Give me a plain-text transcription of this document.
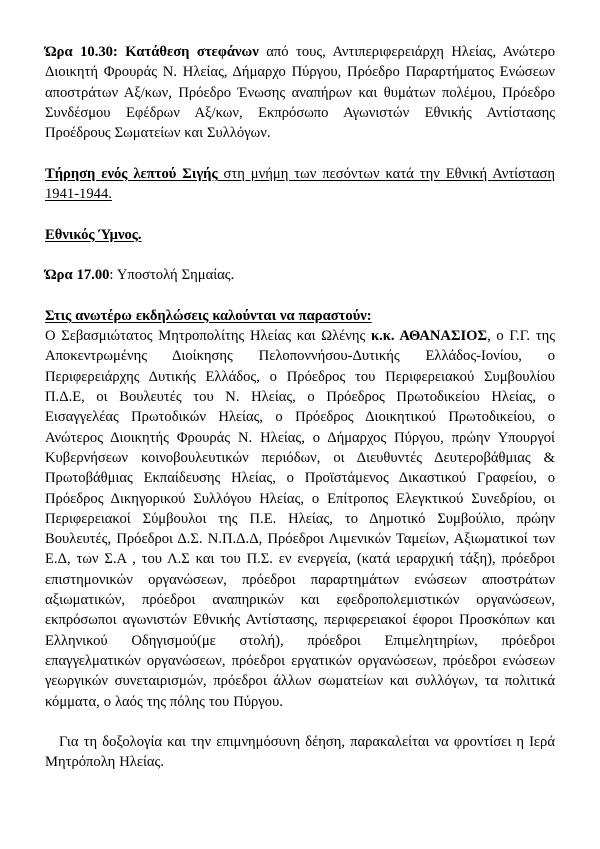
Ώρα 10.30: Κατάθεση στεφάνων από τους, Αντιπεριφερειάρχη Ηλείας, Ανώτερο Διοικητή Φρουράς Ν. Ηλείας, Δήμαρχο Πύργου, Πρόεδρο Παραρτήματος Ενώσεων αποστράτων Αξ/κων, Πρόεδρο Ένωσης αναπήρων και θυμάτων πολέμου, Πρόεδρο Συνδέσμου Εφέδρων Αξ/κων, Εκπρόσωπο Αγωνιστών Εθνικής Αντίστασης Προέδρους Σωματείων και Συλλόγων.

Τήρηση ενός λεπτού Σιγής στη μνήμη των πεσόντων κατά την Εθνική Αντίσταση 1941-1944.

Εθνικός Ύμνος.

Ώρα 17.00: Υποστολή Σημαίας.

Στις ανωτέρω εκδηλώσεις καλούνται να παραστούν:

Ο Σεβασμιώτατος Μητροπολίτης Ηλείας και Ωλένης κ.κ. ΑΘΑΝΑΣΙΟΣ, ο Γ.Γ. της Αποκεντρωμένης Διοίκησης Πελοποννήσου-Δυτικής Ελλάδος-Ιονίου, ο Περιφερειάρχης Δυτικής Ελλάδος, ο Πρόεδρος του Περιφερειακού Συμβουλίου Π.Δ.Ε, οι Βουλευτές του Ν. Ηλείας, ο Πρόεδρος Πρωτοδικείου Ηλείας, ο Εισαγγελέας Πρωτοδικών Ηλείας, ο Πρόεδρος Διοικητικού Πρωτοδικείου, ο Ανώτερος Διοικητής Φρουράς Ν. Ηλείας, ο Δήμαρχος Πύργου, πρώην Υπουργοί Κυβερνήσεων κοινοβουλευτικών περιόδων, οι Διευθυντές Δευτεροβάθμιας & Πρωτοβάθμιας Εκπαίδευσης Ηλείας, ο Προϊστάμενος Δικαστικού Γραφείου, ο Πρόεδρος Δικηγορικού Συλλόγου Ηλείας, ο Επίτροπος Ελεγκτικού Συνεδρίου, οι Περιφερειακοί Σύμβουλοι της Π.Ε. Ηλείας, το Δημοτικό Συμβούλιο, πρώην Βουλευτές, Πρόεδροι Δ.Σ. Ν.Π.Δ.Δ, Πρόεδροι Λιμενικών Ταμείων, Αξιωματικοί των Ε.Δ, των Σ.Α , του Λ.Σ και του Π.Σ. εν ενεργεία, (κατά ιεραρχική τάξη), πρόεδροι επιστημονικών οργανώσεων, πρόεδροι παραρτημάτων ενώσεων αποστράτων αξιωματικών, πρόεδροι αναπηρικών και εφεδροπολεμιστικών οργανώσεων, εκπρόσωποι αγωνιστών Εθνικής Αντίστασης, περιφερειακοί έφοροι Προσκόπων και Ελληνικού Οδηγισμού(με στολή), πρόεδροι Επιμελητηρίων, πρόεδροι επαγγελματικών οργανώσεων, πρόεδροι εργατικών οργανώσεων, πρόεδροι ενώσεων γεωργικών συνεταιρισμών, πρόεδροι άλλων σωματείων και συλλόγων, τα πολιτικά κόμματα, ο λαός της πόλης του Πύργου.

Για τη δοξολογία και την επιμνημόσυνη δέηση, παρακαλείται να φροντίσει η Ιερά Μητρόπολη Ηλείας.
